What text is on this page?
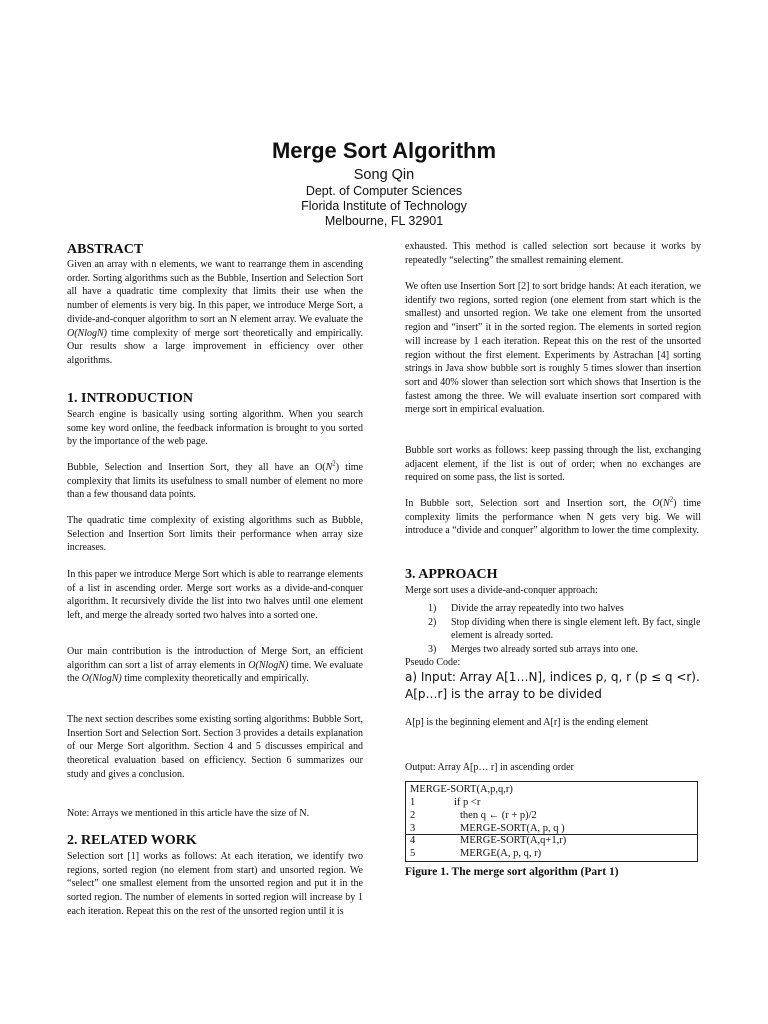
Merge Sort Algorithm
Song Qin
Dept. of Computer Sciences
Florida Institute of Technology
Melbourne, FL 32901
ABSTRACT

Given an array with n elements, we want to rearrange them in ascending order. Sorting algorithms such as the Bubble, Insertion and Selection Sort all have a quadratic time complexity that limits their use when the number of elements is very big. In this paper, we introduce Merge Sort, a divide-and-conquer algorithm to sort an N element array. We evaluate the O(NlogN) time complexity of merge sort theoretically and empirically. Our results show a large improvement in efficiency over other algorithms.

1. INTRODUCTION

Search engine is basically using sorting algorithm. When you search some key word online, the feedback information is brought to you sorted by the importance of the web page.

Bubble, Selection and Insertion Sort, they all have an $O(N^2)$ time complexity that limits its usefulness to small number of element no more than a few thousand data points.

The quadratic time complexity of existing algorithms such as Bubble, Selection and Insertion Sort limits their performance when array size increases.

In this paper we introduce Merge Sort which is able to rearrange elements of a list in ascending order. Merge sort works as a divide-and-conquer algorithm. It recursively divide the list into two halves until one element left, and merge the already sorted two halves into a sorted one.

Our main contribution is the introduction of Merge Sort, an efficient algorithm can sort a list of array elements in O(NlogN) time. We evaluate the O(NlogN) time complexity theoretically and empirically.

The next section describes some existing sorting algorithms: Bubble Sort, Insertion Sort and Selection Sort. Section 3 provides a details explanation of our Merge Sort algorithm. Section 4 and 5 discusses empirical and theoretical evaluation based on efficiency. Section 6 summarizes our study and gives a conclusion.

Note: Arrays we mentioned in this article have the size of N.

2. RELATED WORK

Selection sort [1] works as follows: At each iteration, we identify two regions, sorted region (no element from start) and unsorted region. We “select” one smallest element from the unsorted region and put it in the sorted region. The number of elements in sorted region will increase by 1 each iteration. Repeat this on the rest of the unsorted region until it is

exhausted. This method is called selection sort because it works by repeatedly “selecting” the smallest remaining element.

We often use Insertion Sort [2] to sort bridge hands: At each iteration, we identify two regions, sorted region (one element from start which is the smallest) and unsorted region. We take one element from the unsorted region and “insert” it in the sorted region. The elements in sorted region will increase by 1 each iteration. Repeat this on the rest of the unsorted region without the first element. Experiments by Astrachan [4] sorting strings in Java show bubble sort is roughly 5 times slower than insertion sort and 40% slower than selection sort which shows that Insertion is the fastest among the three. We will evaluate insertion sort compared with merge sort in empirical evaluation.

Bubble sort works as follows: keep passing through the list, exchanging adjacent element, if the list is out of order; when no exchanges are required on some pass, the list is sorted.

In Bubble sort, Selection sort and Insertion sort, the $O(N^2)$ time complexity limits the performance when N gets very big. We will introduce a “divide and conquer” algorithm to lower the time complexity.

3. APPROACH

Merge sort uses a divide-and-conquer approach:

1) Divide the array repeatedly into two halves
2) Stop dividing when there is single element left. By fact, single element is already sorted.
3) Merges two already sorted sub arrays into one.

Pseudo Code:

a) Input: Array A[1…N], indices p, q, r (p ≤ q <r).
A[p…r] is the array to be divided

A[p] is the beginning element and A[r] is the ending element

Output: Array A[p… r] in ascending order

MERGE-SORT(A,p,q,r)
1	if p <r
2	then q ← (r + p)/2
3	MERGE-SORT(A, p, q )
4	MERGE-SORT(A,q+1,r)
5	MERGE(A, p, q, r)
Figure 1. The merge sort algorithm (Part 1)
